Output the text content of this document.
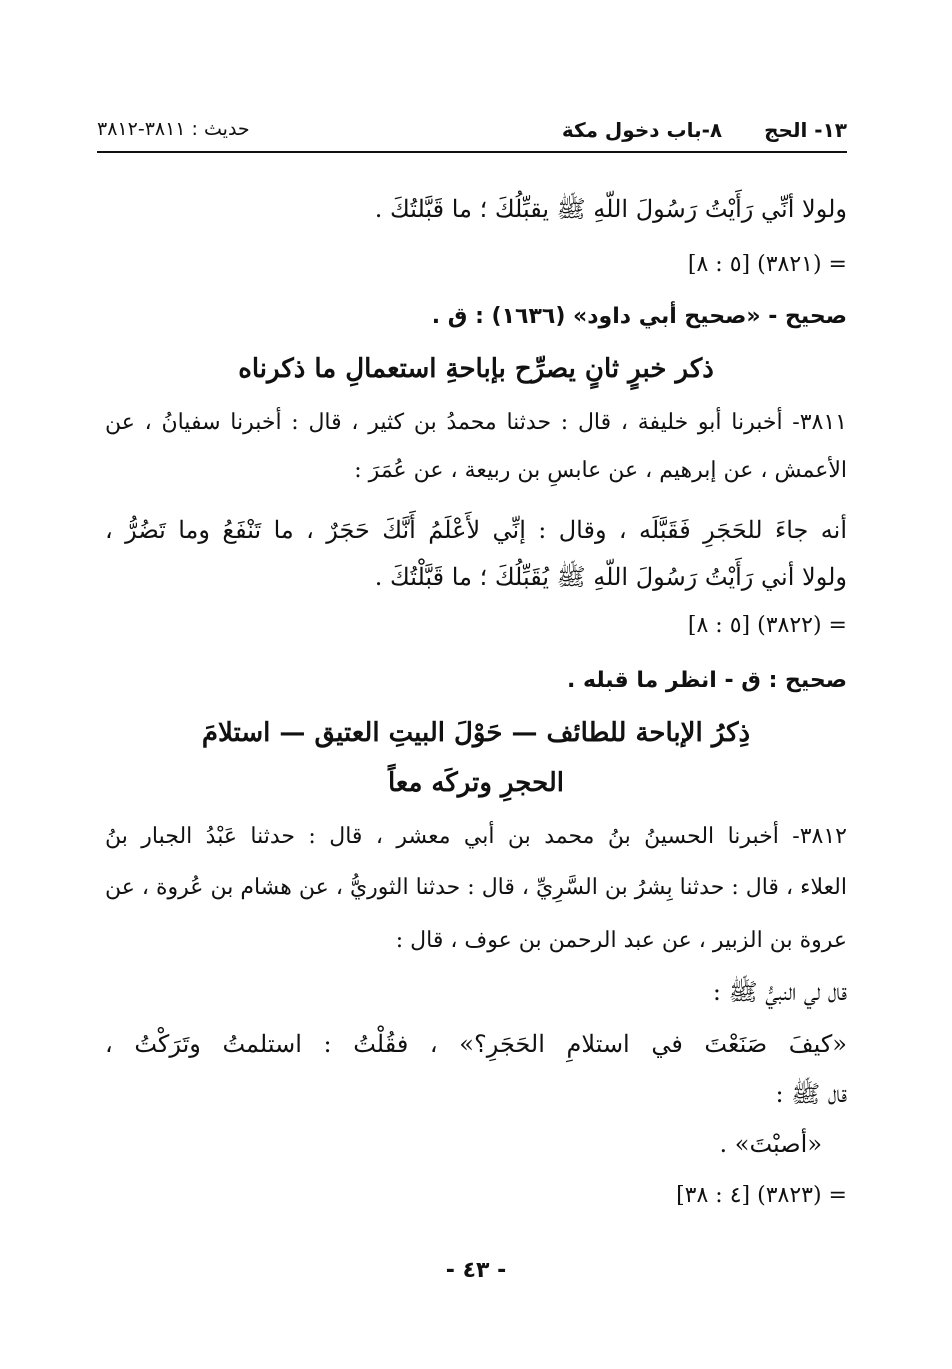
١٣- الحج
٨-باب دخول مكة
حديث : ٣٨١١-٣٨١٢
ولولا أنِّي رَأَيْتُ رَسُولَ اللّهِ ﷺ يقبِّلُكَ ؛ ما قَبَّلتُكَ .
= (٣٨٢١) [٥ : ٨]
صحيح - «صحيح أبي داود» (١٦٣٦) : ق .
ذكر خبرٍ ثانٍ يصرِّح بإباحةِ استعمالِ ما ذكرناه
٣٨١١- أخبرنا أبو خليفة ، قال : حدثنا محمدُ بن كثير ، قال : أخبرنا سفيانُ ، عن
الأعمش ، عن إبرهيم ، عن عابسِ بن ربيعة ، عن عُمَرَ :
أنه جاءَ للحَجَرِ فَقَبَّلَه ، وقال : إنِّي لأَعْلَمُ أَنَّكَ حَجَرٌ ، ما تَنْفَعُ وما تَضُرُّ ،
ولولا أني رَأَيْتُ رَسُولَ اللّهِ ﷺ يُقَبِّلُكَ ؛ ما قَبَّلْتُكَ .
= (٣٨٢٢) [٥ : ٨]
صحيح : ق - انظر ما قبله .
ذِكرُ الإباحة للطائف — حَوْلَ البيتِ العتيق — استلامَ
الحجرِ وتركَه معاً
٣٨١٢- أخبرنا الحسينُ بنُ محمد بن أبي معشر ، قال : حدثنا عَبْدُ الجبار بنُ
العلاء ، قال : حدثنا بِشرُ بن السَّرِيِّ ، قال : حدثنا الثوريُّ ، عن هشام بن عُروة ، عن
عروة بن الزبير ، عن عبد الرحمن بن عوف ، قال :
قال لي النبيُّ ﷺ :
«كيفَ صَنَعْتَ في استلامِ الحَجَرِ؟» ، فقُلْتُ : استلمتُ وتَرَكْتُ ،
قال ﷺ :
«أصبْتَ» .
= (٣٨٢٣) [٤ : ٣٨]
- ٤٣ -
